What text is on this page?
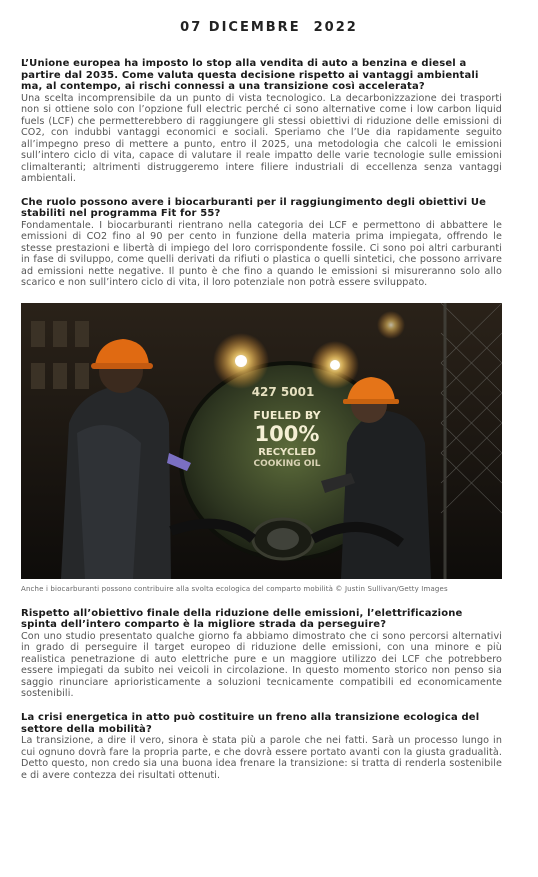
07 DICEMBRE  2022

L’Unione europea ha imposto lo stop alla vendita di auto a benzina e diesel a partire dal 2035. Come valuta questa decisione rispetto ai vantaggi ambientali ma, al contempo, ai rischi connessi a una transizione così accelerata?

Una scelta incomprensibile da un punto di vista tecnologico. La decarbonizzazione dei trasporti non si ottiene solo con l’opzione full electric perché ci sono alternative come i low carbon liquid fuels (LCF) che permetterebbero di raggiungere gli stessi obiettivi di riduzione delle emissioni di CO2, con indubbi vantaggi economici e sociali. Speriamo che l’Ue dia rapidamente seguito all’impegno preso di mettere a punto, entro il 2025, una metodologia che calcoli le emissioni sull’intero ciclo di vita, capace di valutare il reale impatto delle varie tecnologie sulle emissioni climalteranti; altrimenti distruggeremo intere filiere industriali di eccellenza senza vantaggi ambientali.

Che ruolo possono avere i biocarburanti per il raggiungimento degli obiettivi Ue stabiliti nel programma Fit for 55?

Fondamentale. I biocarburanti rientrano nella categoria dei LCF e permettono di abbattere le emissioni di CO2 fino al 90 per cento in funzione della materia prima impiegata, offrendo le stesse prestazioni e libertà di impiego del loro corrispondente fossile. Ci sono poi altri carburanti in fase di sviluppo, come quelli derivati da rifiuti o plastica o quelli sintetici, che possono arrivare ad emissioni nette negative. Il punto è che fino a quando le emissioni si misureranno solo allo scarico e non sull’intero ciclo di vita, il loro potenziale non potrà essere sviluppato.

427 5001
FUELED BY
100%
RECYCLED
COOKING OIL
Anche i biocarburanti possono contribuire alla svolta ecologica del comparto mobilità © Justin Sullivan/Getty Images

Rispetto all’obiettivo finale della riduzione delle emissioni, l’elettrificazione spinta dell’intero comparto è la migliore strada da perseguire?

Con uno studio presentato qualche giorno fa abbiamo dimostrato che ci sono percorsi alternativi in grado di perseguire il target europeo di riduzione delle emissioni, con una minore e più realistica penetrazione di auto elettriche pure e un maggiore utilizzo dei LCF che potrebbero essere impiegati da subito nei veicoli in circolazione. In questo momento storico non penso sia saggio rinunciare aprioristicamente a soluzioni tecnicamente compatibili ed economicamente sostenibili.

La crisi energetica in atto può costituire un freno alla transizione ecologica del settore della mobilità?

La transizione, a dire il vero, sinora è stata più a parole che nei fatti. Sarà un processo lungo in cui ognuno dovrà fare la propria parte, e che dovrà essere portato avanti con la giusta gradualità. Detto questo, non credo sia una buona idea frenare la transizione: si tratta di renderla sostenibile e di avere contezza dei risultati ottenuti.
